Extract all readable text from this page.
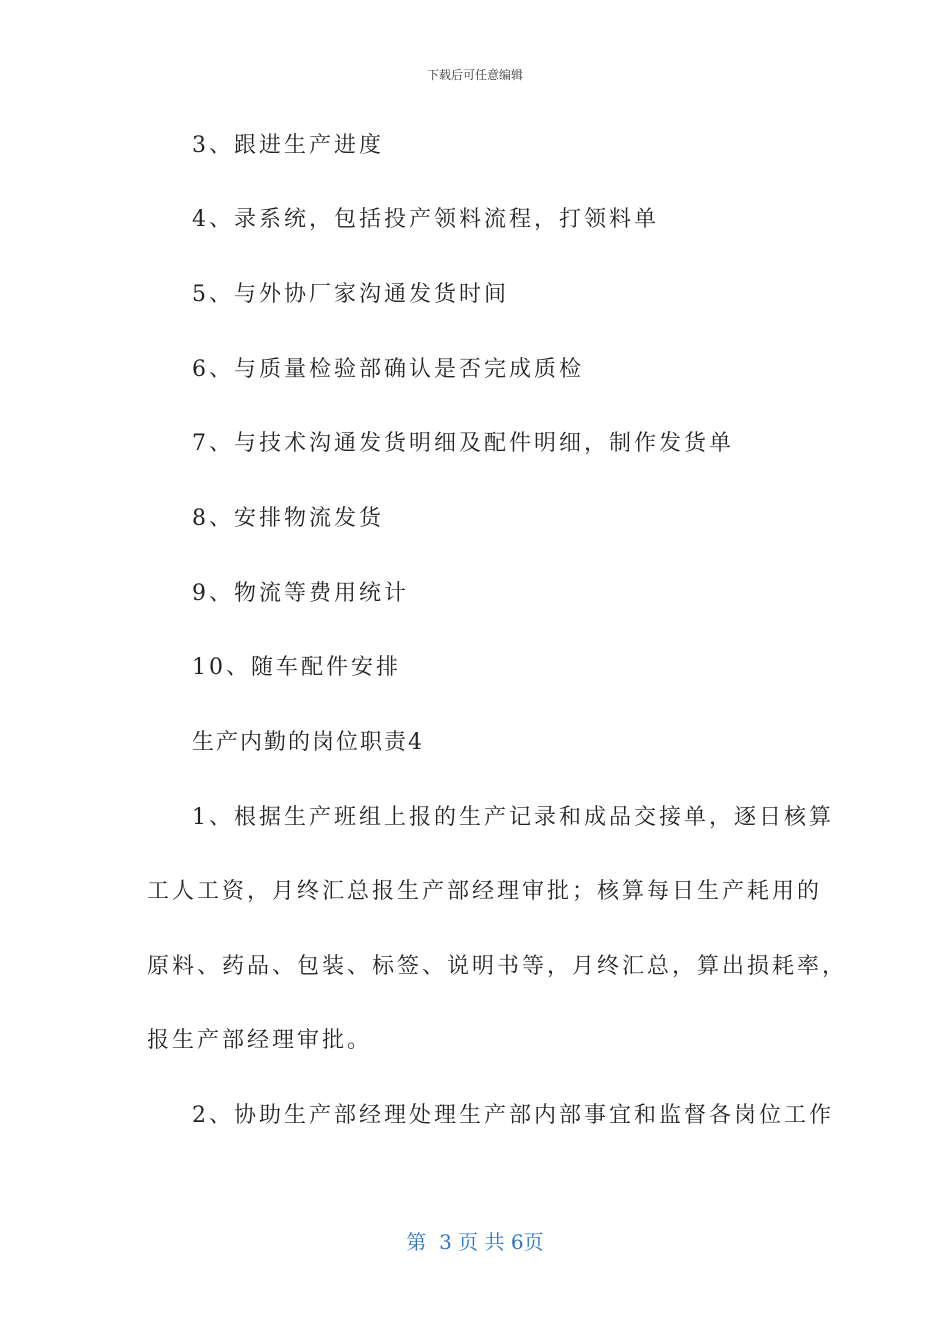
下载后可任意编辑
3、跟进生产进度
4、录系统，包括投产领料流程，打领料单
5、与外协厂家沟通发货时间
6、与质量检验部确认是否完成质检
7、与技术沟通发货明细及配件明细，制作发货单
8、安排物流发货
9、物流等费用统计
10、随车配件安排
生产内勤的岗位职责4
1、根据生产班组上报的生产记录和成品交接单，逐日核算
工人工资，月终汇总报生产部经理审批；核算每日生产耗用的
原料、药品、包装、标签、说明书等，月终汇总，算出损耗率，
报生产部经理审批。
2、协助生产部经理处理生产部内部事宜和监督各岗位工作
第  3 页 共 6页
